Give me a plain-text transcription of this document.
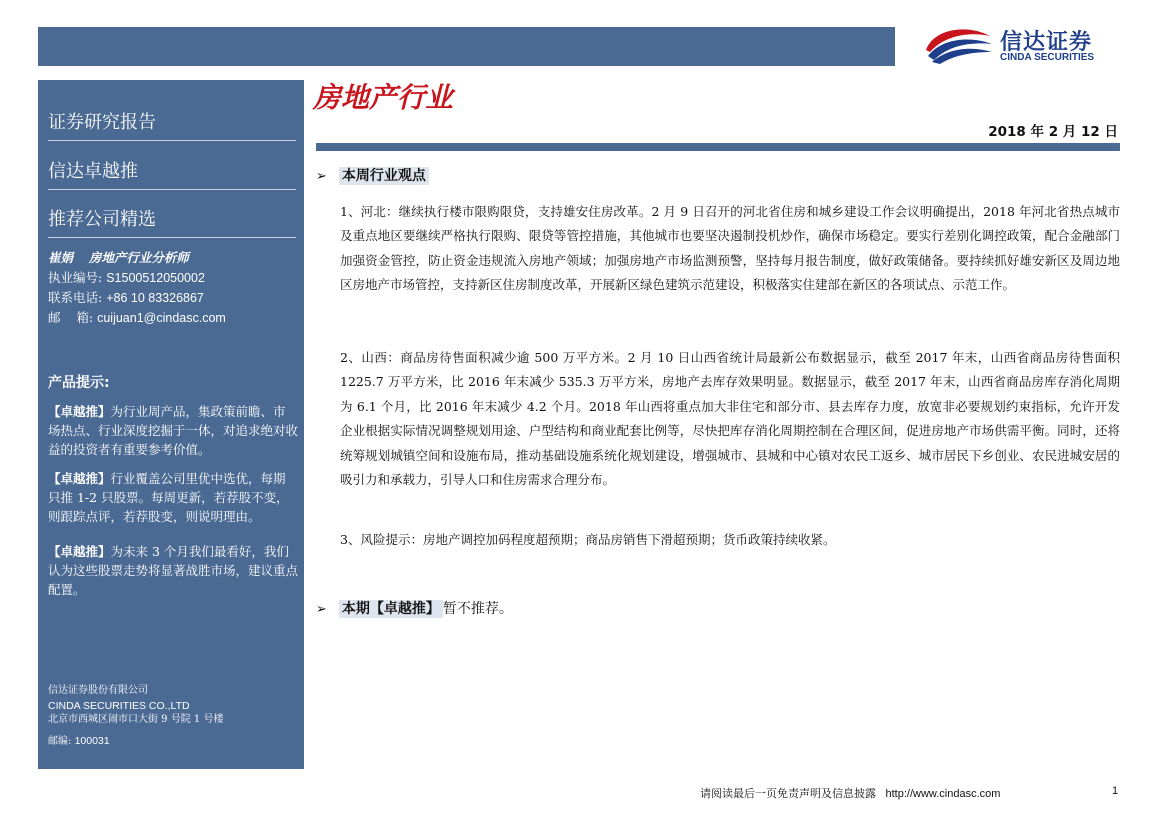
信达证券
CINDA SECURITIES
证券研究报告
信达卓越推
推荐公司精选
崔娟 房地产行业分析师
执业编号: S1500512050002
联系电话: +86 10 83326867
邮    箱: cuijuan1@cindasc.com
产品提示:

【卓越推】为行业周产品，集政策前瞻、市场热点、行业深度挖掘于一体，对追求绝对收益的投资者有重要参考价值。

【卓越推】行业覆盖公司里优中选优，每期只推 1-2 只股票。每周更新，若荐股不变，则跟踪点评，若荐股变，则说明理由。

【卓越推】为未来 3 个月我们最看好，我们认为这些股票走势将显著战胜市场，建议重点配置。

信达证券股份有限公司
CINDA SECURITIES CO.,LTD
北京市西城区闹市口大街 9 号院 1 号楼
邮编: 100031
房地产行业
2018 年 2 月 12 日
➢ 本周行业观点

1、河北：继续执行楼市限购限贷，支持雄安住房改革。2 月 9 日召开的河北省住房和城乡建设工作会议明确提出，2018 年河北省热点城市及重点地区要继续严格执行限购、限贷等管控措施，其他城市也要坚决遏制投机炒作，确保市场稳定。要实行差别化调控政策，配合金融部门加强资金管控，防止资金违规流入房地产领域；加强房地产市场监测预警，坚持每月报告制度，做好政策储备。要持续抓好雄安新区及周边地区房地产市场管控，支持新区住房制度改革，开展新区绿色建筑示范建设，积极落实住建部在新区的各项试点、示范工作。

2、山西：商品房待售面积减少逾 500 万平方米。2 月 10 日山西省统计局最新公布数据显示，截至 2017 年末，山西省商品房待售面积 1225.7 万平方米，比 2016 年末减少 535.3 万平方米，房地产去库存效果明显。数据显示，截至 2017 年末，山西省商品房库存消化周期为 6.1 个月，比 2016 年末减少 4.2 个月。2018 年山西将重点加大非住宅和部分市、县去库存力度，放宽非必要规划约束指标，允许开发企业根据实际情况调整规划用途、户型结构和商业配套比例等，尽快把库存消化周期控制在合理区间，促进房地产市场供需平衡。同时，还将统筹规划城镇空间和设施布局，推动基础设施系统化规划建设，增强城市、县城和中心镇对农民工返乡、城市居民下乡创业、农民进城安居的吸引力和承载力，引导人口和住房需求合理分布。

3、风险提示：房地产调控加码程度超预期；商品房销售下滑超预期；货币政策持续收紧。

➢ 本期【卓越推】 暂不推荐。
请阅读最后一页免责声明及信息披露 http://www.cindasc.com	1
